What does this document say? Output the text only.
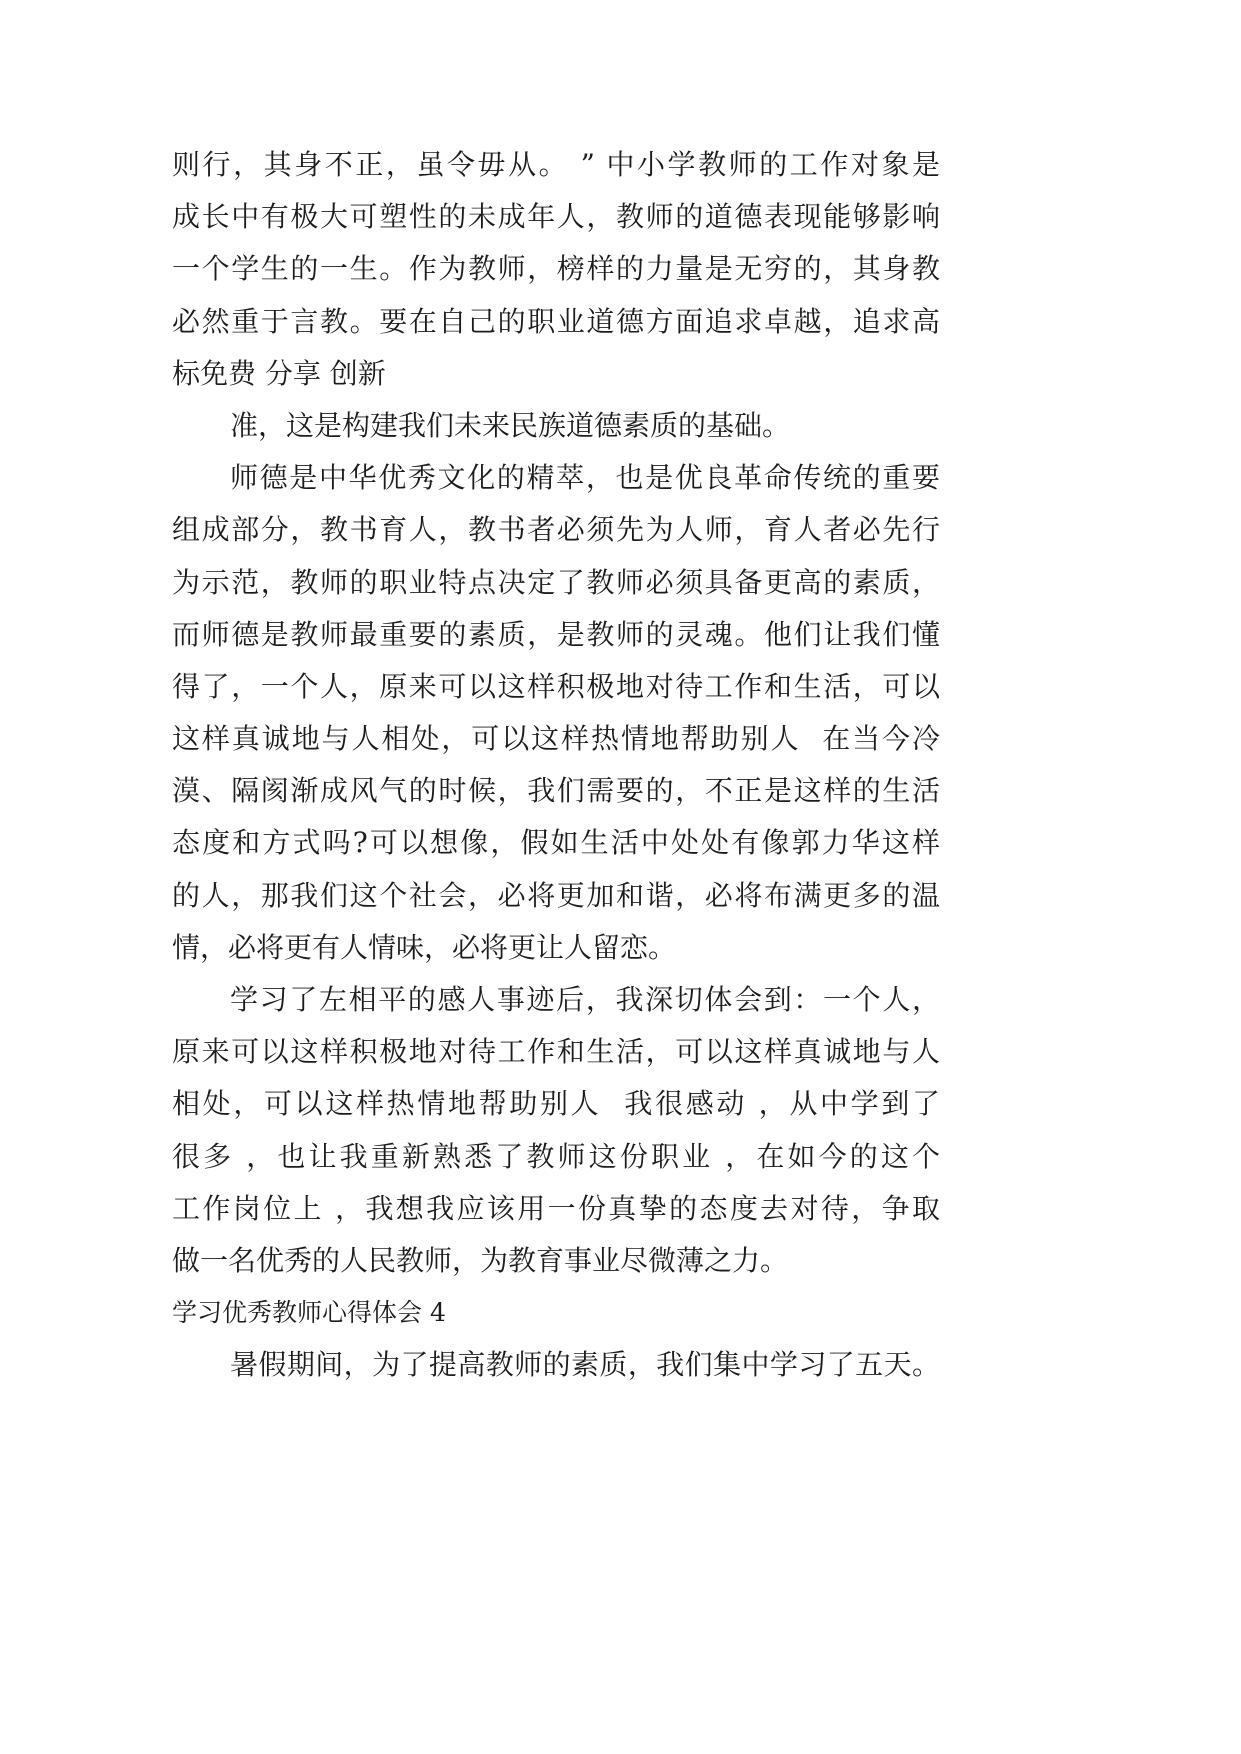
则行，其身不正，虽令毋从。 ” 中小学教师的工作对象是
成长中有极大可塑性的未成年人，教师的道德表现能够影响
一个学生的一生。作为教师，榜样的力量是无穷的，其身教
必然重于言教。要在自己的职业道德方面追求卓越，追求高
标免费 分享 创新
准，这是构建我们未来民族道德素质的基础。
师德是中华优秀文化的精萃，也是优良革命传统的重要
组成部分，教书育人，教书者必须先为人师，育人者必先行
为示范，教师的职业特点决定了教师必须具备更高的素质，
而师德是教师最重要的素质，是教师的灵魂。他们让我们懂
得了，一个人，原来可以这样积极地对待工作和生活，可以
这样真诚地与人相处，可以这样热情地帮助别人  在当今冷
漠、隔阂渐成风气的时候，我们需要的，不正是这样的生活
态度和方式吗?可以想像，假如生活中处处有像郭力华这样
的人，那我们这个社会，必将更加和谐，必将布满更多的温
情，必将更有人情味，必将更让人留恋。
学习了左相平的感人事迹后，我深切体会到：一个人，
原来可以这样积极地对待工作和生活，可以这样真诚地与人
相处，可以这样热情地帮助别人  我很感动 ，从中学到了
很多 ，也让我重新熟悉了教师这份职业 ，在如今的这个
工作岗位上 ，我想我应该用一份真挚的态度去对待，争取
做一名优秀的人民教师，为教育事业尽微薄之力。
学习优秀教师心得体会 4
暑假期间，为了提高教师的素质，我们集中学习了五天。
